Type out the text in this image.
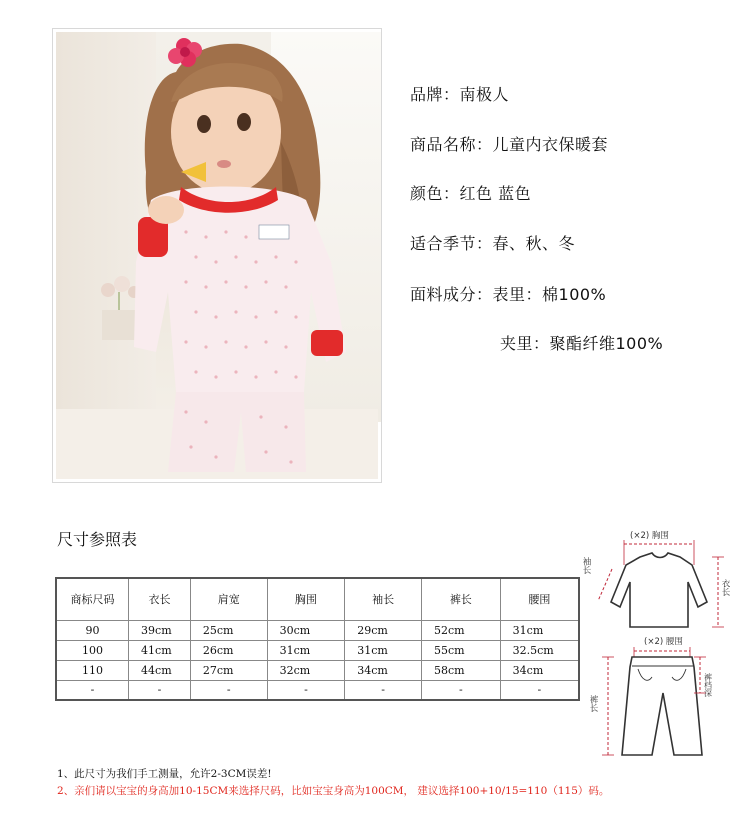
品牌：南极人
商品名称：儿童内衣保暖套
颜色：红色 蓝色
适合季节：春、秋、冬
面料成分：表里：棉100%
夹里：聚酯纤维100%
尺寸参照表
商标尺码	衣长	肩宽	胸围	袖长	裤长	腰围
90	39cm	25cm	30cm	29cm	52cm	31cm
100	41cm	26cm	31cm	31cm	55cm	32.5cm
110	44cm	27cm	32cm	34cm	58cm	34cm
-	-	-	-	-	-	-
(×2) 胸围
袖长
衣长
(×2) 腰围
裤长
裤档深
1、此尺寸为我们手工测量，允许2-3CM误差!
2、亲们请以宝宝的身高加10-15CM来选择尺码，比如宝宝身高为100CM， 建议选择100+10/15=110（115）码。
